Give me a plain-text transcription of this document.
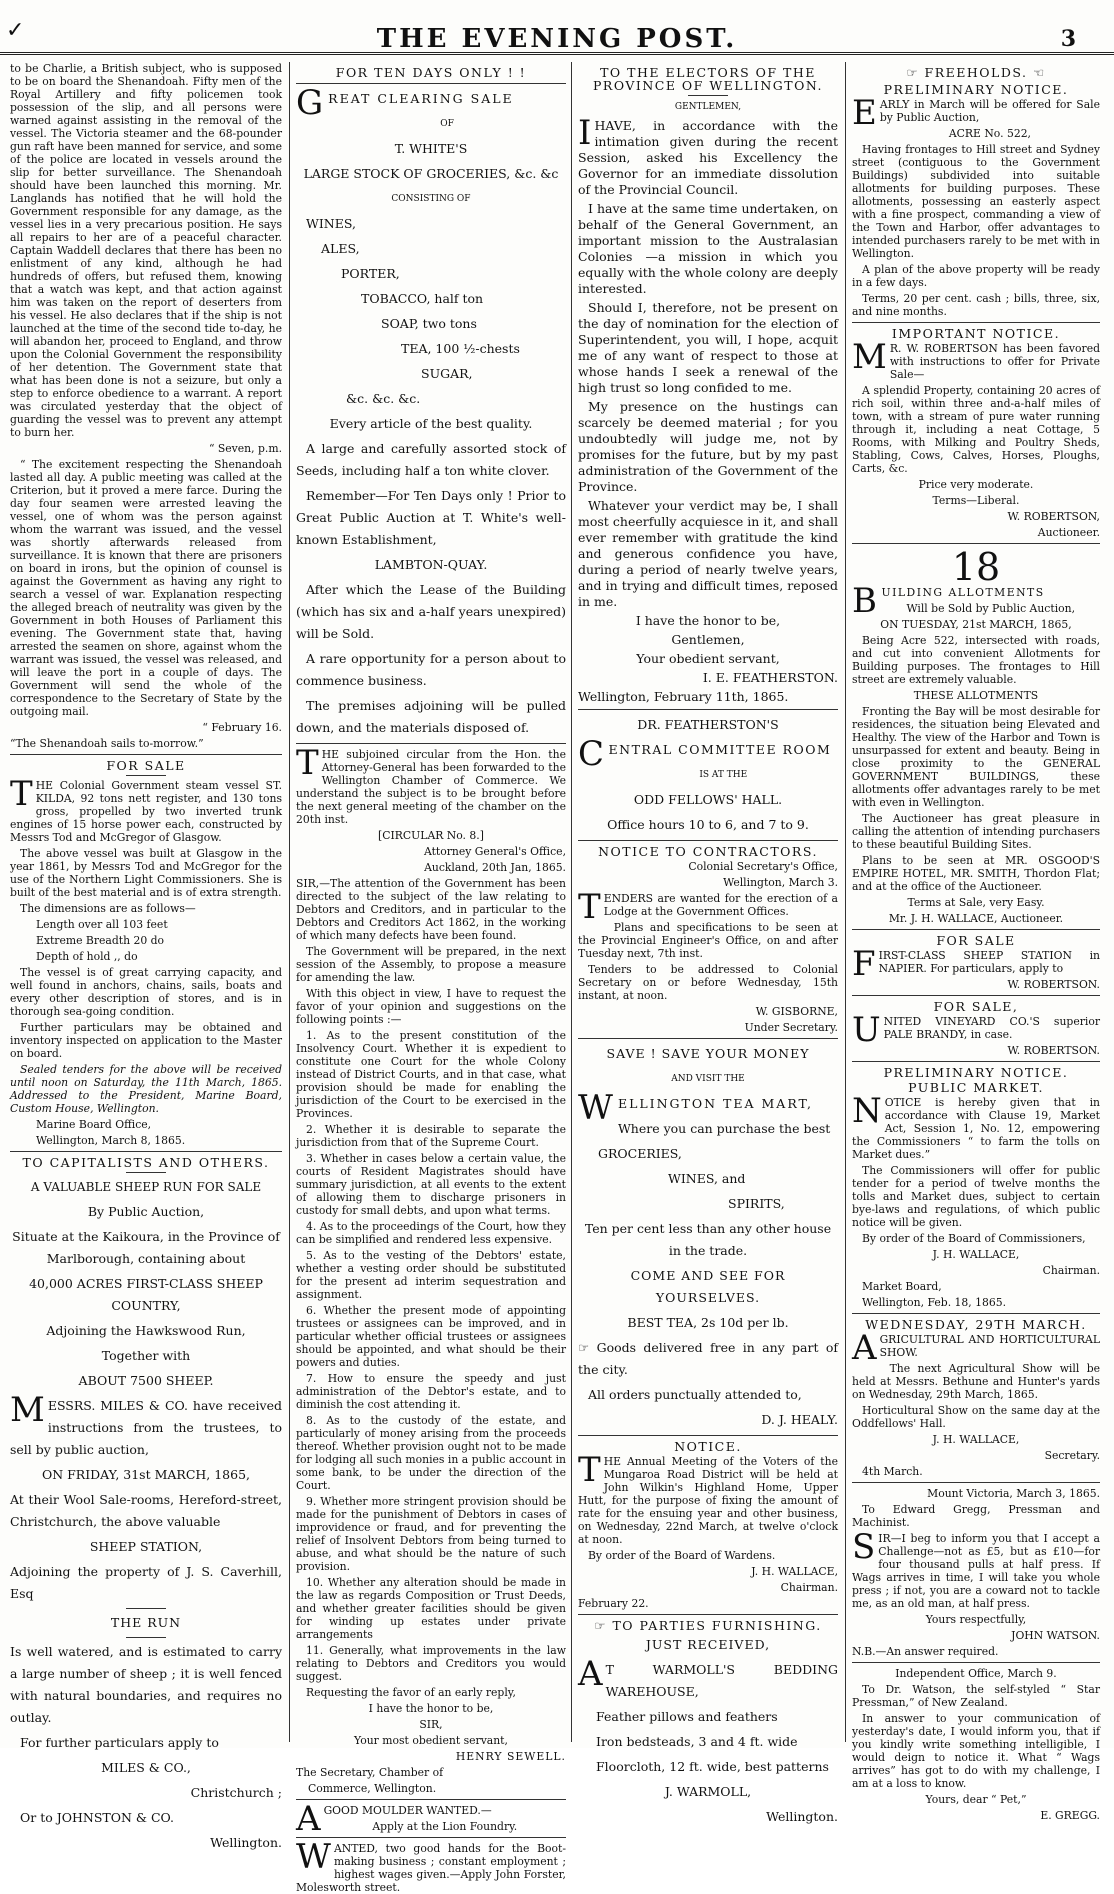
✓	THE EVENING POST.	3

to be Charlie, a British subject, who is supposed to be on board the Shenandoah. Fifty men of the Royal Artillery and fifty policemen took possession of the slip, and all persons were warned against assisting in the removal of the vessel. The Victoria steamer and the 68-pounder gun raft have been manned for service, and some of the police are located in vessels around the slip for better surveillance. The Shenandoah should have been launched this morning. Mr. Langlands has notified that he will hold the Government responsible for any damage, as the vessel lies in a very precarious position. He says all repairs to her are of a peaceful character. Captain Waddell declares that there has been no enlistment of any kind, although he had hundreds of offers, but refused them, knowing that a watch was kept, and that action against him was taken on the report of deserters from his vessel. He also declares that if the ship is not launched at the time of the second tide to-day, he will abandon her, proceed to England, and throw upon the Colonial Government the responsibility of her detention. The Government state that what has been done is not a seizure, but only a step to enforce obedience to a warrant. A report was circulated yesterday that the object of guarding the vessel was to prevent any attempt to burn her.

“ Seven, p.m.

“ The excitement respecting the Shenandoah lasted all day. A public meeting was called at the Criterion, but it proved a mere farce. During the day four seamen were arrested leaving the vessel, one of whom was the person against whom the warrant was issued, and the vessel was shortly afterwards released from surveillance. It is known that there are prisoners on board in irons, but the opinion of counsel is against the Government as having any right to search a vessel of war. Explanation respecting the alleged breach of neutrality was given by the Government in both Houses of Parliament this evening. The Government state that, having arrested the seamen on shore, against whom the warrant was issued, the vessel was released, and will leave the port in a couple of days. The Government will send the whole of the correspondence to the Secretary of State by the outgoing mail.

“ February 16.

“The Shenandoah sails to-morrow.”

FOR SALE

THE Colonial Government steam vessel ST. KILDA, 92 tons nett register, and 130 tons gross, propelled by two inverted trunk engines of 15 horse power each, constructed by Messrs Tod and McGregor of Glasgow.

The above vessel was built at Glasgow in the year 1861, by Messrs Tod and McGregor for the use of the Northern Light Commissioners. She is built of the best material and is of extra strength.

The dimensions are as follows—

Length over all 103 feet

Extreme Breadth 20 do

Depth of hold ,, do

The vessel is of great carrying capacity, and well found in anchors, chains, sails, boats and every other description of stores, and is in thorough sea-going condition.

Further particulars may be obtained and inventory inspected on application to the Master on board.

Sealed tenders for the above will be received until noon on Saturday, the 11th March, 1865. Addressed to the President, Marine Board, Custom House, Wellington.

Marine Board Office,

Wellington, March 8, 1865.

TO CAPITALISTS AND OTHERS.

A VALUABLE SHEEP RUN FOR SALE

By Public Auction,

Situate at the Kaikoura, in the Province of Marlborough, containing about

40,000 ACRES FIRST-CLASS SHEEP COUNTRY,

Adjoining the Hawkswood Run,

Together with

ABOUT 7500 SHEEP.

MESSRS. MILES & CO. have received instructions from the trustees, to sell by public auction,

ON FRIDAY, 31st MARCH, 1865,

At their Wool Sale-rooms, Hereford-street, Christchurch, the above valuable

SHEEP STATION,

Adjoining the property of J. S. Caverhill, Esq

THE RUN

Is well watered, and is estimated to carry a large number of sheep ; it is well fenced with natural boundaries, and requires no outlay.

For further particulars apply to

MILES & CO.,

Christchurch ;

Or to JOHNSTON & CO.

Wellington.

FOR TEN DAYS ONLY ! !

GREAT CLEARING SALE

OF

T. WHITE'S

LARGE STOCK OF GROCERIES, &c. &c

CONSISTING OF

WINES,

ALES,

PORTER,

TOBACCO, half ton

SOAP, two tons

TEA, 100 ½-chests

SUGAR,

&c. &c. &c.

Every article of the best quality.

A large and carefully assorted stock of Seeds, including half a ton white clover.

Remember—For Ten Days only ! Prior to Great Public Auction at T. White's well-known Establishment,

LAMBTON-QUAY.

After which the Lease of the Building (which has six and a-half years unexpired) will be Sold.

A rare opportunity for a person about to commence business.

The premises adjoining will be pulled down, and the materials disposed of.

THE subjoined circular from the Hon. the Attorney-General has been forwarded to the Wellington Chamber of Commerce. We understand the subject is to be brought before the next general meeting of the chamber on the 20th inst.

[CIRCULAR No. 8.]

Attorney General's Office,

Auckland, 20th Jan, 1865.

SIR,—The attention of the Government has been directed to the subject of the law relating to Debtors and Creditors, and in particular to the Debtors and Creditors Act 1862, in the working of which many defects have been found.

The Government will be prepared, in the next session of the Assembly, to propose a measure for amending the law.

With this object in view, I have to request the favor of your opinion and suggestions on the following points :—

1. As to the present constitution of the Insolvency Court. Whether it is expedient to constitute one Court for the whole Colony instead of District Courts, and in that case, what provision should be made for enabling the jurisdiction of the Court to be exercised in the Provinces.

2. Whether it is desirable to separate the jurisdiction from that of the Supreme Court.

3. Whether in cases below a certain value, the courts of Resident Magistrates should have summary jurisdiction, at all events to the extent of allowing them to discharge prisoners in custody for small debts, and upon what terms.

4. As to the proceedings of the Court, how they can be simplified and rendered less expensive.

5. As to the vesting of the Debtors' estate, whether a vesting order should be substituted for the present ad interim sequestration and assignment.

6. Whether the present mode of appointing trustees or assignees can be improved, and in particular whether official trustees or assignees should be appointed, and what should be their powers and duties.

7. How to ensure the speedy and just administration of the Debtor's estate, and to diminish the cost attending it.

8. As to the custody of the estate, and particularly of money arising from the proceeds thereof. Whether provision ought not to be made for lodging all such monies in a public account in some bank, to be under the direction of the Court.

9. Whether more stringent provision should be made for the punishment of Debtors in cases of improvidence or fraud, and for preventing the relief of Insolvent Debtors from being turned to abuse, and what should be the nature of such provision.

10. Whether any alteration should be made in the law as regards Composition or Trust Deeds, and whether greater facilities should be given for winding up estates under private arrangements

11. Generally, what improvements in the law relating to Debtors and Creditors you would suggest.

Requesting the favor of an early reply,

I have the honor to be,

SIR,

Your most obedient servant,

HENRY SEWELL.

The Secretary, Chamber of

Commerce, Wellington.

AGOOD MOULDER WANTED.—

Apply at the Lion Foundry.

WANTED, two good hands for the Boot-making business ; constant employment ; highest wages given.—Apply John Forster, Molesworth street.

TO THE ELECTORS OF THE PROVINCE OF WELLINGTON.

GENTLEMEN,

IHAVE, in accordance with the intimation given during the recent Session, asked his Excellency the Governor for an immediate dissolution of the Provincial Council.

I have at the same time undertaken, on behalf of the General Government, an important mission to the Australasian Colonies —a mission in which you equally with the whole colony are deeply interested.

Should I, therefore, not be present on the day of nomination for the election of Superintendent, you will, I hope, acquit me of any want of respect to those at whose hands I seek a renewal of the high trust so long confided to me.

My presence on the hustings can scarcely be deemed material ; for you undoubtedly will judge me, not by promises for the future, but by my past administration of the Government of the Province.

Whatever your verdict may be, I shall most cheerfully acquiesce in it, and shall ever remember with gratitude the kind and generous confidence you have, during a period of nearly twelve years, and in trying and difficult times, reposed in me.

I have the honor to be,

Gentlemen,

Your obedient servant,

I. E. FEATHERSTON.

Wellington, February 11th, 1865.

DR. FEATHERSTON'S

CENTRAL COMMITTEE ROOM

IS AT THE

ODD FELLOWS' HALL.

Office hours 10 to 6, and 7 to 9.

NOTICE TO CONTRACTORS.

Colonial Secretary's Office,

Wellington, March 3.

TENDERS are wanted for the erection of a Lodge at the Government Offices.

Plans and specifications to be seen at the Provincial Engineer's Office, on and after Tuesday next, 7th inst.

Tenders to be addressed to Colonial Secretary on or before Wednesday, 15th instant, at noon.

W. GISBORNE,

Under Secretary.

SAVE ! SAVE YOUR MONEY

AND VISIT THE

WELLINGTON TEA MART,

Where you can purchase the best

GROCERIES,

WINES, and

SPIRITS,

Ten per cent less than any other house in the trade.

COME AND SEE FOR YOURSELVES.

BEST TEA, 2s 10d per lb.

☞ Goods delivered free in any part of the city.

All orders punctually attended to,

D. J. HEALY.

NOTICE.

THE Annual Meeting of the Voters of the Mungaroa Road District will be held at John Wilkin's Highland Home, Upper Hutt, for the purpose of fixing the amount of rate for the ensuing year and other business, on Wednesday, 22nd March, at twelve o'clock at noon.

By order of the Board of Wardens.

J. H. WALLACE,

Chairman.

February 22.

☞ TO PARTIES FURNISHING.

JUST RECEIVED,

A T WARMOLL'S BEDDING WAREHOUSE,

Feather pillows and feathers

Iron bedsteads, 3 and 4 ft. wide

Floorcloth, 12 ft. wide, best patterns

J. WARMOLL,

Wellington.

☞ FREEHOLDS. ☜
PRELIMINARY NOTICE.

EARLY in March will be offered for Sale by Public Auction,

ACRE No. 522,

Having frontages to Hill street and Sydney street (contiguous to the Government Buildings) subdivided into suitable allotments for building purposes. These allotments, possessing an easterly aspect with a fine prospect, commanding a view of the Town and Harbor, offer advantages to intended purchasers rarely to be met with in Wellington.

A plan of the above property will be ready in a few days.

Terms, 20 per cent. cash ; bills, three, six, and nine months.

IMPORTANT NOTICE.

M R. W. ROBERTSON has been favored with instructions to offer for Private Sale—

A splendid Property, containing 20 acres of rich soil, within three and-a-half miles of town, with a stream of pure water running through it, including a neat Cottage, 5 Rooms, with Milking and Poultry Sheds, Stabling, Cows, Calves, Horses, Ploughs, Carts, &c.

Price very moderate.

Terms—Liberal.

W. ROBERTSON,

Auctioneer.

18

BUILDING ALLOTMENTS

Will be Sold by Public Auction,

ON TUESDAY, 21st MARCH, 1865,

Being Acre 522, intersected with roads, and cut into convenient Allotments for Building purposes. The frontages to Hill street are extremely valuable.

THESE ALLOTMENTS

Fronting the Bay will be most desirable for residences, the situation being Elevated and Healthy. The view of the Harbor and Town is unsurpassed for extent and beauty. Being in close proximity to the GENERAL GOVERNMENT BUILDINGS, these allotments offer advantages rarely to be met with even in Wellington.

The Auctioneer has great pleasure in calling the attention of intending purchasers to these beautiful Building Sites.

Plans to be seen at MR. OSGOOD'S EMPIRE HOTEL, MR. SMITH, Thordon Flat; and at the office of the Auctioneer.

Terms at Sale, very Easy.

Mr. J. H. WALLACE, Auctioneer.

FOR SALE

FIRST-CLASS SHEEP STATION in NAPIER. For particulars, apply to

W. ROBERTSON.

FOR SALE,

UNITED VINEYARD CO.'S superior PALE BRANDY, in case.

W. ROBERTSON.

PRELIMINARY NOTICE.
PUBLIC MARKET.

NOTICE is hereby given that in accordance with Clause 19, Market Act, Session 1, No. 12, empowering the Commissioners “ to farm the tolls on Market dues.”

The Commissioners will offer for public tender for a period of twelve months the tolls and Market dues, subject to certain bye-laws and regulations, of which public notice will be given.

By order of the Board of Commissioners,

J. H. WALLACE,

Chairman.

Market Board,

Wellington, Feb. 18, 1865.

WEDNESDAY, 29TH MARCH.

AGRICULTURAL AND HORTICULTURAL SHOW.

The next Agricultural Show will be held at Messrs. Bethune and Hunter's yards on Wednesday, 29th March, 1865.

Horticultural Show on the same day at the Oddfellows' Hall.

J. H. WALLACE,

Secretary.

4th March.

Mount Victoria, March 3, 1865.

To Edward Gregg, Pressman and Machinist.

SIR—I beg to inform you that I accept a Challenge—not as £5, but as £10—for four thousand pulls at half press. If Wags arrives in time, I will take you whole press ; if not, you are a coward not to tackle me, as an old man, at half press.

Yours respectfully,

JOHN WATSON.

N.B.—An answer required.

Independent Office, March 9.

To Dr. Watson, the self-styled “ Star Pressman,” of New Zealand.

In answer to your communication of yesterday's date, I would inform you, that if you kindly write something intelligible, I would deign to notice it. What “ Wags arrives” has got to do with my challenge, I am at a loss to know.

Yours, dear “ Pet,”

E. GREGG.
